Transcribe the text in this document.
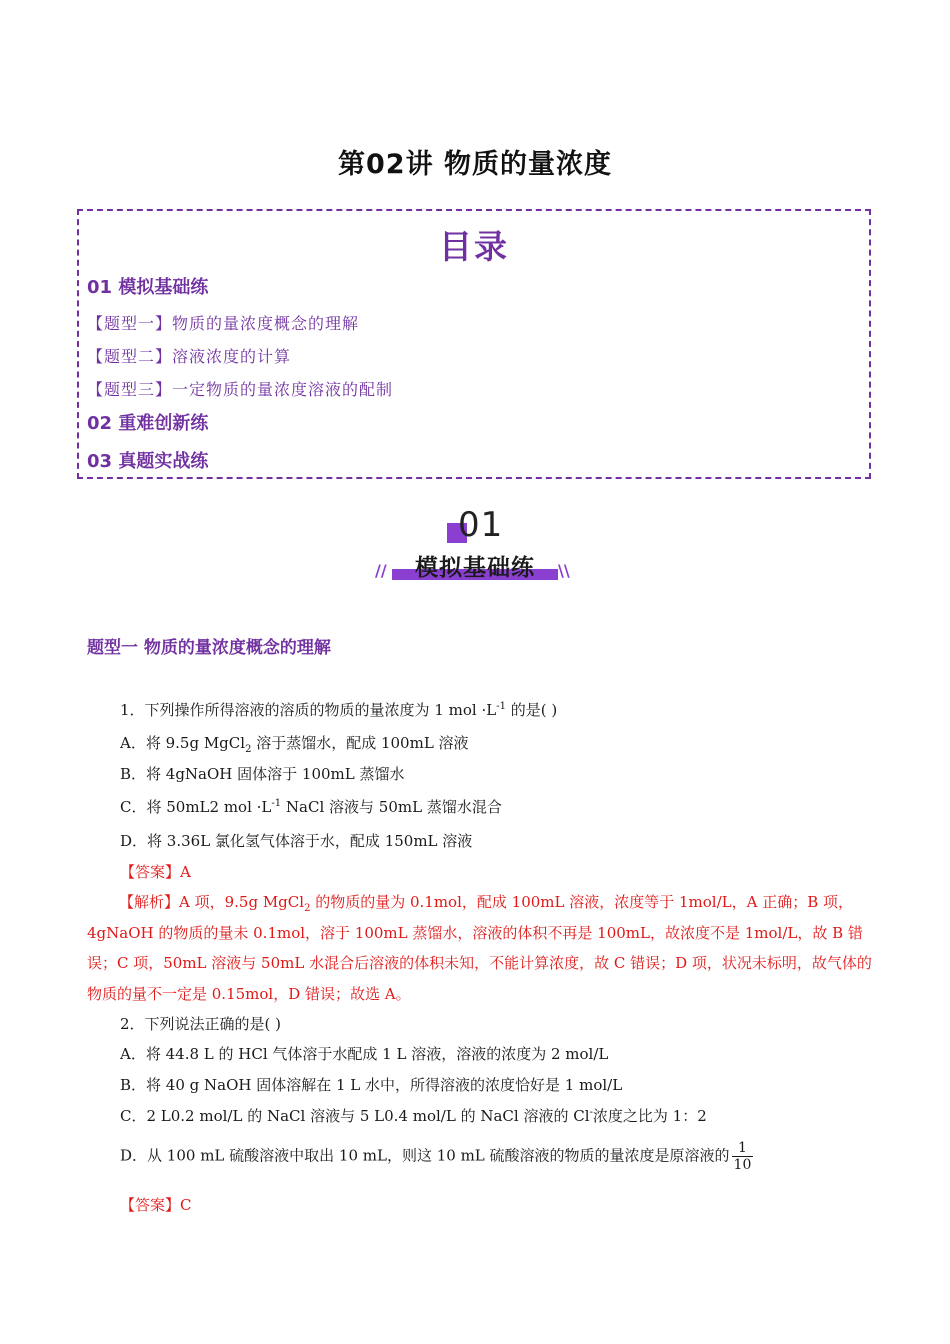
第02讲 物质的量浓度
目录
01 模拟基础练
【题型一】物质的量浓度概念的理解
【题型二】溶液浓度的计算
【题型三】一定物质的量浓度溶液的配制
02 重难创新练
03 真题实战练
01
模拟基础练
//	\\
题型一 物质的量浓度概念的理解
1．下列操作所得溶液的溶质的物质的量浓度为 1 mol $\cdot L^{-1}$ 的是( )
A．将 9.5g MgCl$_2$ 溶于蒸馏水，配成 100mL 溶液
B．将 4gNaOH 固体溶于 100mL 蒸馏水
C．将 50mL2 mol $\cdot L^{-1}$ NaCl 溶液与 50mL 蒸馏水混合
D．将 3.36L 氯化氢气体溶于水，配成 150mL 溶液
【答案】A
【解析】A 项，9.5g MgCl$_2$ 的物质的量为 0.1mol，配成 100mL 溶液，浓度等于 1mol/L，A 正确；B 项，4gNaOH 的物质的量未 0.1mol，溶于 100mL 蒸馏水，溶液的体积不再是 100mL，故浓度不是 1mol/L，故 B 错误；C 项，50mL 溶液与 50mL 水混合后溶液的体积未知，不能计算浓度，故 C 错误；D 项，状况未标明，故气体的物质的量不一定是 0.15mol，D 错误；故选 A。
2．下列说法正确的是( )
A．将 44.8 L 的 HCl 气体溶于水配成 1 L 溶液，溶液的浓度为 2 mol/L
B．将 40 g NaOH 固体溶解在 1 L 水中，所得溶液的浓度恰好是 1 mol/L
C．2 L0.2 mol/L 的 NaCl 溶液与 5 L0.4 mol/L 的 NaCl 溶液的 Cl-浓度之比为 1：2
D．从 100 mL 硫酸溶液中取出 10 mL，则这 10 mL 硫酸溶液的物质的量浓度是原溶液的 $\frac{1}{10}$
【答案】C
